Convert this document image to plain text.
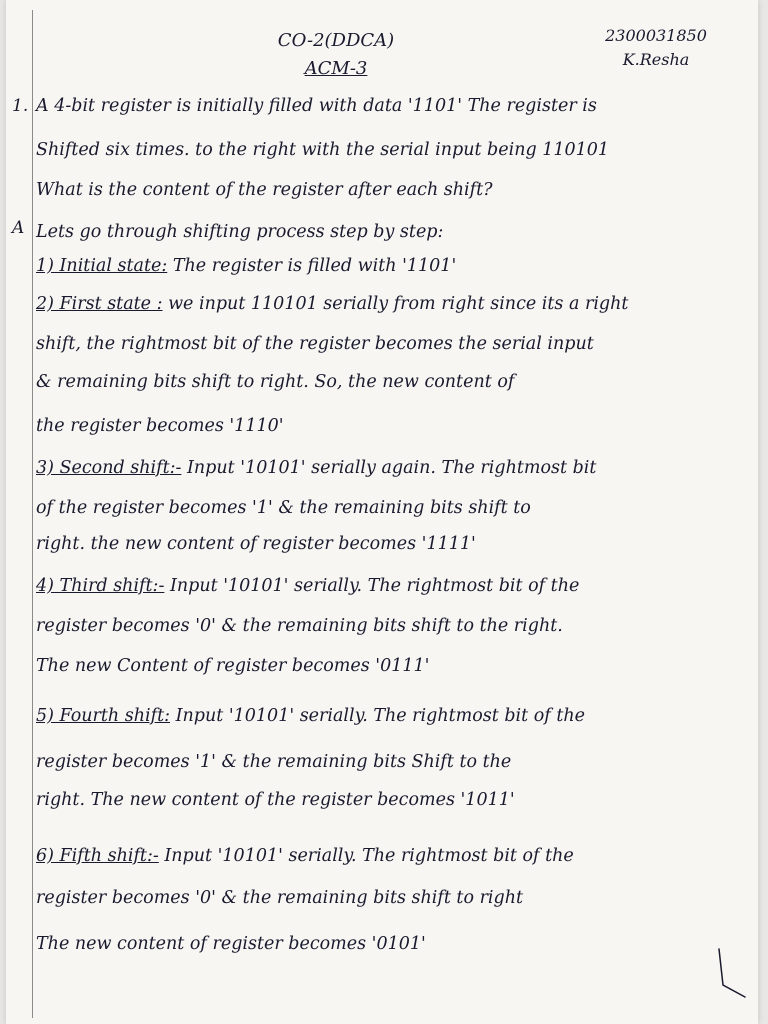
CO-2(DDCA)
ACM-3
2300031850
K.Resha
1. A 4-bit register is initially filled with data '1101' The register is
Shifted six times. to the right with the serial input being 110101
What is the content of the register after each shift?
A Lets go through shifting process step by step:
1) Initial state: The register is filled with '1101'
2) First state : we input 110101 serially from right since its a right
shift, the rightmost bit of the register becomes the serial input
& remaining bits shift to right. So, the new content of
the register becomes '1110'
3) Second shift:- Input '10101' serially again. The rightmost bit
of the register becomes '1' & the remaining bits shift to
right. the new content of register becomes '1111'
4) Third shift:- Input '10101' serially. The rightmost bit of the
register becomes '0' & the remaining bits shift to the right.
The new Content of register becomes '0111'
5) Fourth shift: Input '10101' serially. The rightmost bit of the
register becomes '1' & the remaining bits Shift to the
right. The new content of the register becomes '1011'
6) Fifth shift:- Input '10101' serially. The rightmost bit of the
register becomes '0' & the remaining bits shift to right
The new content of register becomes '0101'
